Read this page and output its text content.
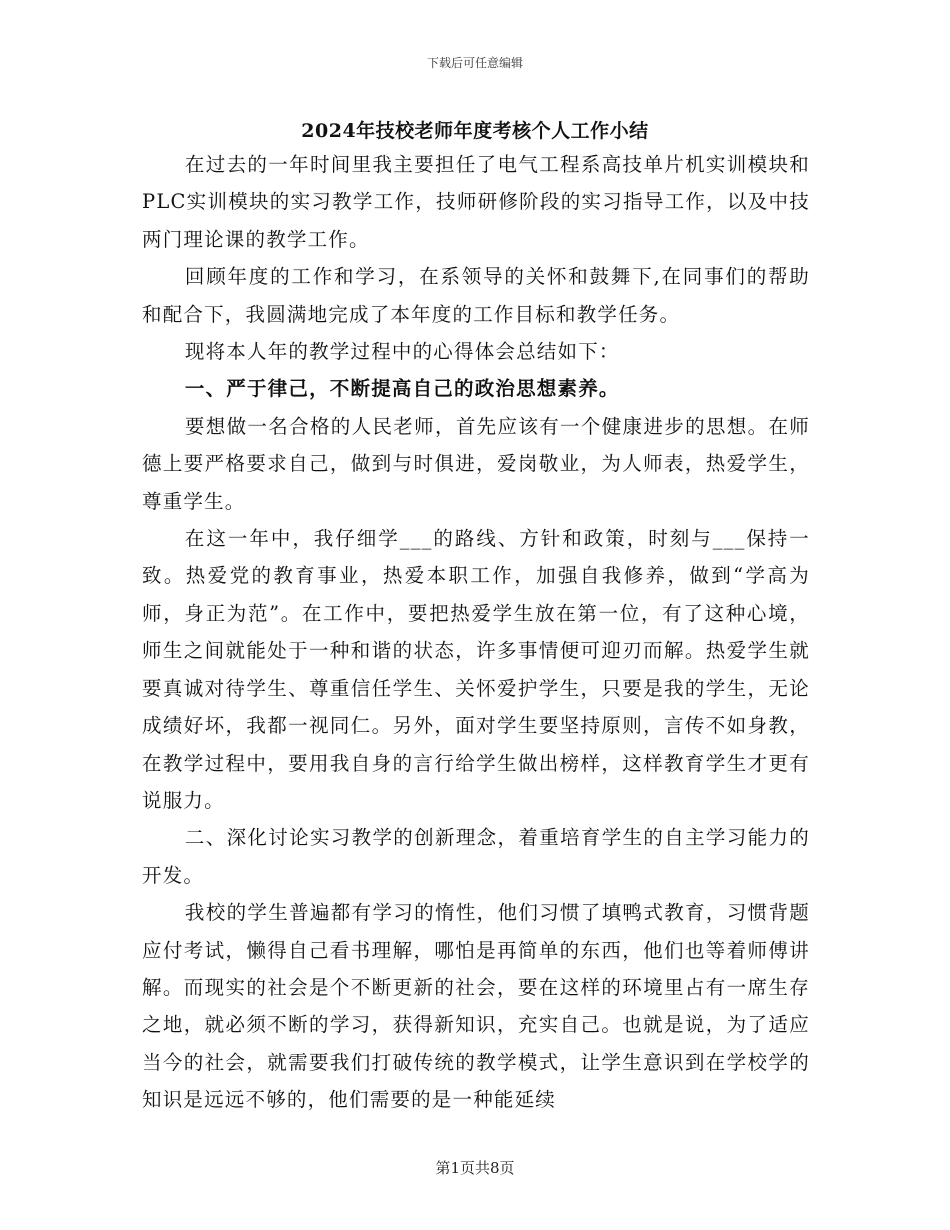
下载后可任意编辑
2024年技校老师年度考核个人工作小结

在过去的一年时间里我主要担任了电气工程系高技单片机实训模块和PLC实训模块的实习教学工作，技师研修阶段的实习指导工作，以及中技两门理论课的教学工作。

回顾年度的工作和学习，在系领导的关怀和鼓舞下,在同事们的帮助和配合下，我圆满地完成了本年度的工作目标和教学任务。

现将本人年的教学过程中的心得体会总结如下：

一、严于律己，不断提高自己的政治思想素养。

要想做一名合格的人民老师，首先应该有一个健康进步的思想。在师德上要严格要求自己，做到与时俱进，爱岗敬业，为人师表，热爱学生，尊重学生。

在这一年中，我仔细学___的路线、方针和政策，时刻与___保持一致。热爱党的教育事业，热爱本职工作，加强自我修养，做到“学高为师，身正为范”。在工作中，要把热爱学生放在第一位，有了这种心境，师生之间就能处于一种和谐的状态，许多事情便可迎刃而解。热爱学生就要真诚对待学生、尊重信任学生、关怀爱护学生，只要是我的学生，无论成绩好坏，我都一视同仁。另外，面对学生要坚持原则，言传不如身教，在教学过程中，要用我自身的言行给学生做出榜样，这样教育学生才更有说服力。

二、深化讨论实习教学的创新理念，着重培育学生的自主学习能力的开发。

我校的学生普遍都有学习的惰性，他们习惯了填鸭式教育，习惯背题应付考试，懒得自己看书理解，哪怕是再简单的东西，他们也等着师傅讲解。而现实的社会是个不断更新的社会，要在这样的环境里占有一席生存之地，就必须不断的学习，获得新知识，充实自己。也就是说，为了适应当今的社会，就需要我们打破传统的教学模式，让学生意识到在学校学的知识是远远不够的，他们需要的是一种能延续

第1页共8页
